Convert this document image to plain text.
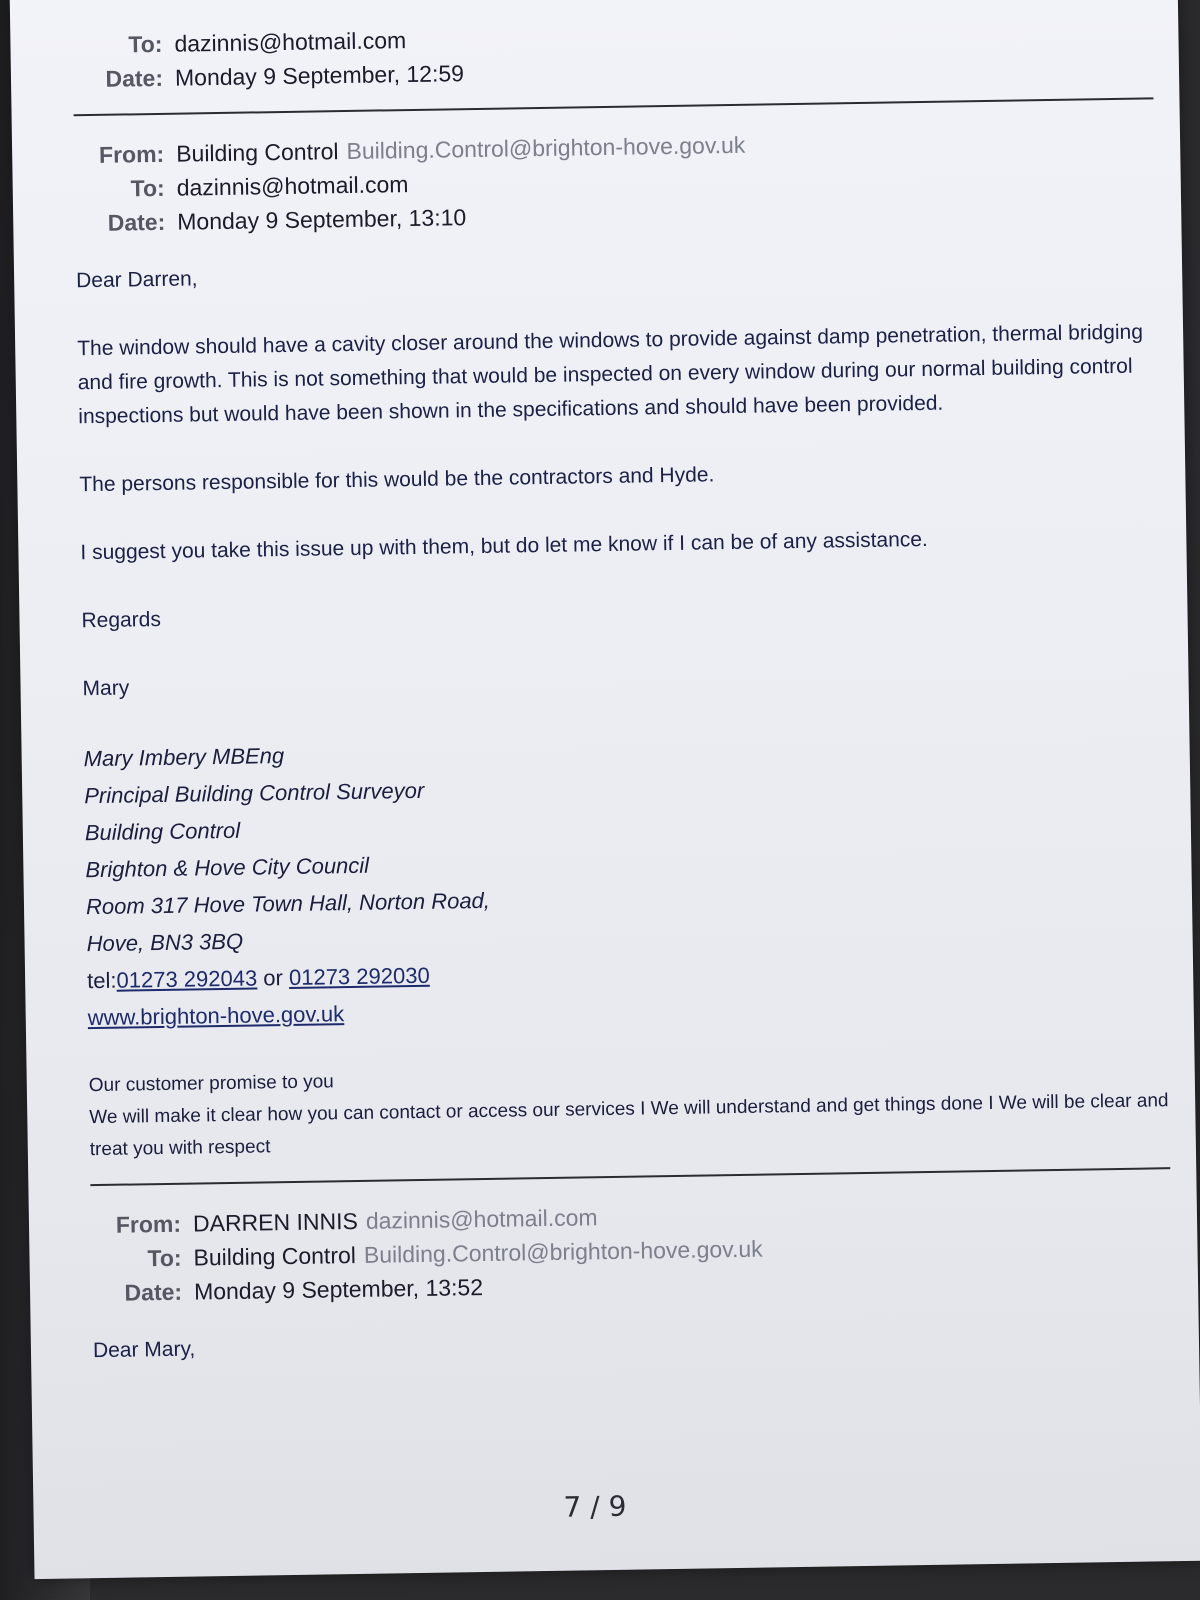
To: dazinnis@hotmail.com
Date: Monday 9 September, 12:59
From: Building Control Building.Control@brighton-hove.gov.uk
To: dazinnis@hotmail.com
Date: Monday 9 September, 13:10

Dear Darren,

The window should have a cavity closer around the windows to provide against damp penetration, thermal bridging and fire growth. This is not something that would be inspected on every window during our normal building control inspections but would have been shown in the specifications and should have been provided.

The persons responsible for this would be the contractors and Hyde.

I suggest you take this issue up with them, but do let me know if I can be of any assistance.

Regards

Mary

Mary Imbery MBEng
Principal Building Control Surveyor
Building Control
Brighton & Hove City Council
Room 317 Hove Town Hall, Norton Road,
Hove, BN3 3BQ
tel:01273 292043 or 01273 292030
www.brighton-hove.gov.uk
Our customer promise to you
We will make it clear how you can contact or access our services I We will understand and get things done I We will be clear and treat you with respect
From: DARREN INNIS dazinnis@hotmail.com
To: Building Control Building.Control@brighton-hove.gov.uk
Date: Monday 9 September, 13:52
Dear Mary,
7 / 9
